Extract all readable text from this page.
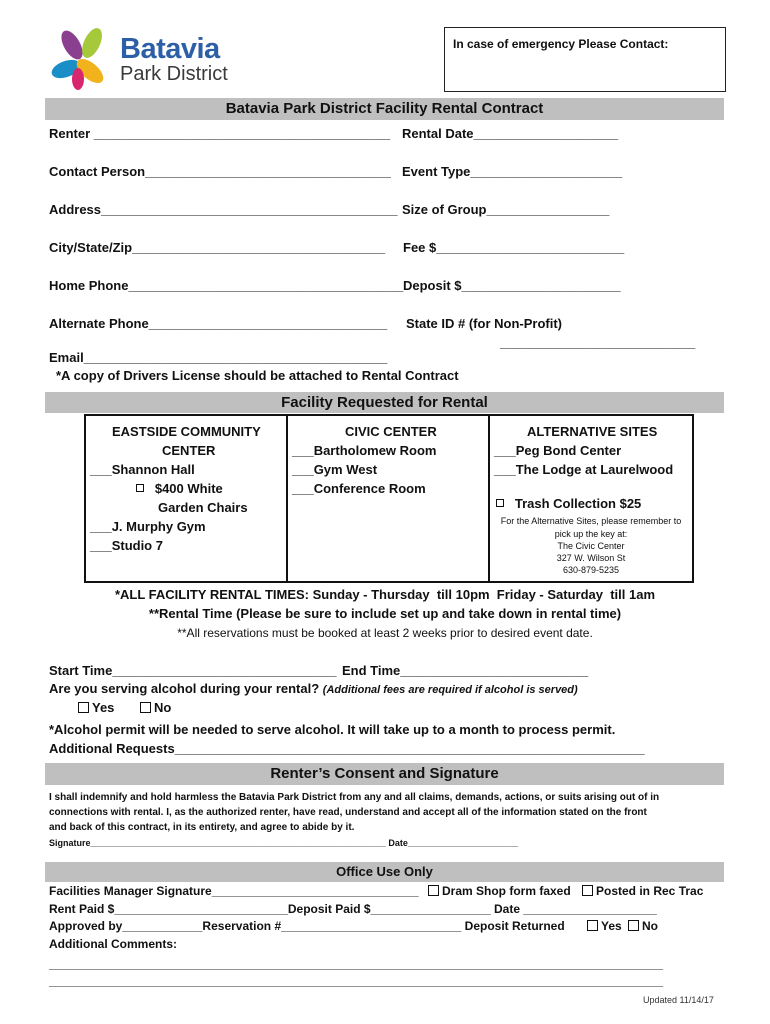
Batavia
Park District
In case of emergency Please Contact:
Batavia Park District Facility Rental Contract
Renter _________________________________________ Rental Date____________________
Contact Person__________________________________ Event Type_____________________
Address_________________________________________ Size of Group_________________
City/State/Zip___________________________________ Fee $__________________________
Home Phone______________________________________ Deposit $______________________
Alternate Phone_________________________________ State ID # (for Non-Profit)
___________________________
Email__________________________________________
*A copy of Drivers License should be attached to Rental Contract
Facility Requested for Rental
EASTSIDE COMMUNITY
CENTER
___Shannon Hall
$400 White
Garden Chairs
___J. Murphy Gym
___Studio 7
CIVIC CENTER
___Bartholomew Room
___Gym West
___Conference Room
ALTERNATIVE SITES
___Peg Bond Center
___The Lodge at Laurelwood
Trash Collection $25
For the Alternative Sites, please remember to
pick up the key at:
The Civic Center
327 W. Wilson St
630-879-5235
*ALL FACILITY RENTAL TIMES: Sunday - Thursday  till 10pm  Friday - Saturday  till 1am
**Rental Time (Please be sure to include set up and take down in rental time)
**All reservations must be booked at least 2 weeks prior to desired event date.
Start Time_______________________________ End Time__________________________
Are you serving alcohol during your rental? (Additional fees are required if alcohol is served)
Yes	No
*Alcohol permit will be needed to serve alcohol. It will take up to a month to process permit.
Additional Requests_________________________________________________________________
Renter’s Consent and Signature
I shall indemnify and hold harmless the Batavia Park District from any and all claims, demands, actions, or suits arising out of in
connections with rental. I, as the authorized renter, have read, understand and accept all of the information stated on the front
and back of this contract, in its entirety, and agree to abide by it.
Signature___________________________________________________________ Date______________________
Office Use Only
Facilities Manager Signature_______________________________	Dram Shop form faxed	Posted in Rec Trac
Rent Paid $__________________________Deposit Paid $__________________ Date ____________________
Approved by____________Reservation #___________________________ Deposit Returned	Yes	No
Additional Comments:
____________________________________________________________________________________________
____________________________________________________________________________________________
Updated 11/14/17
